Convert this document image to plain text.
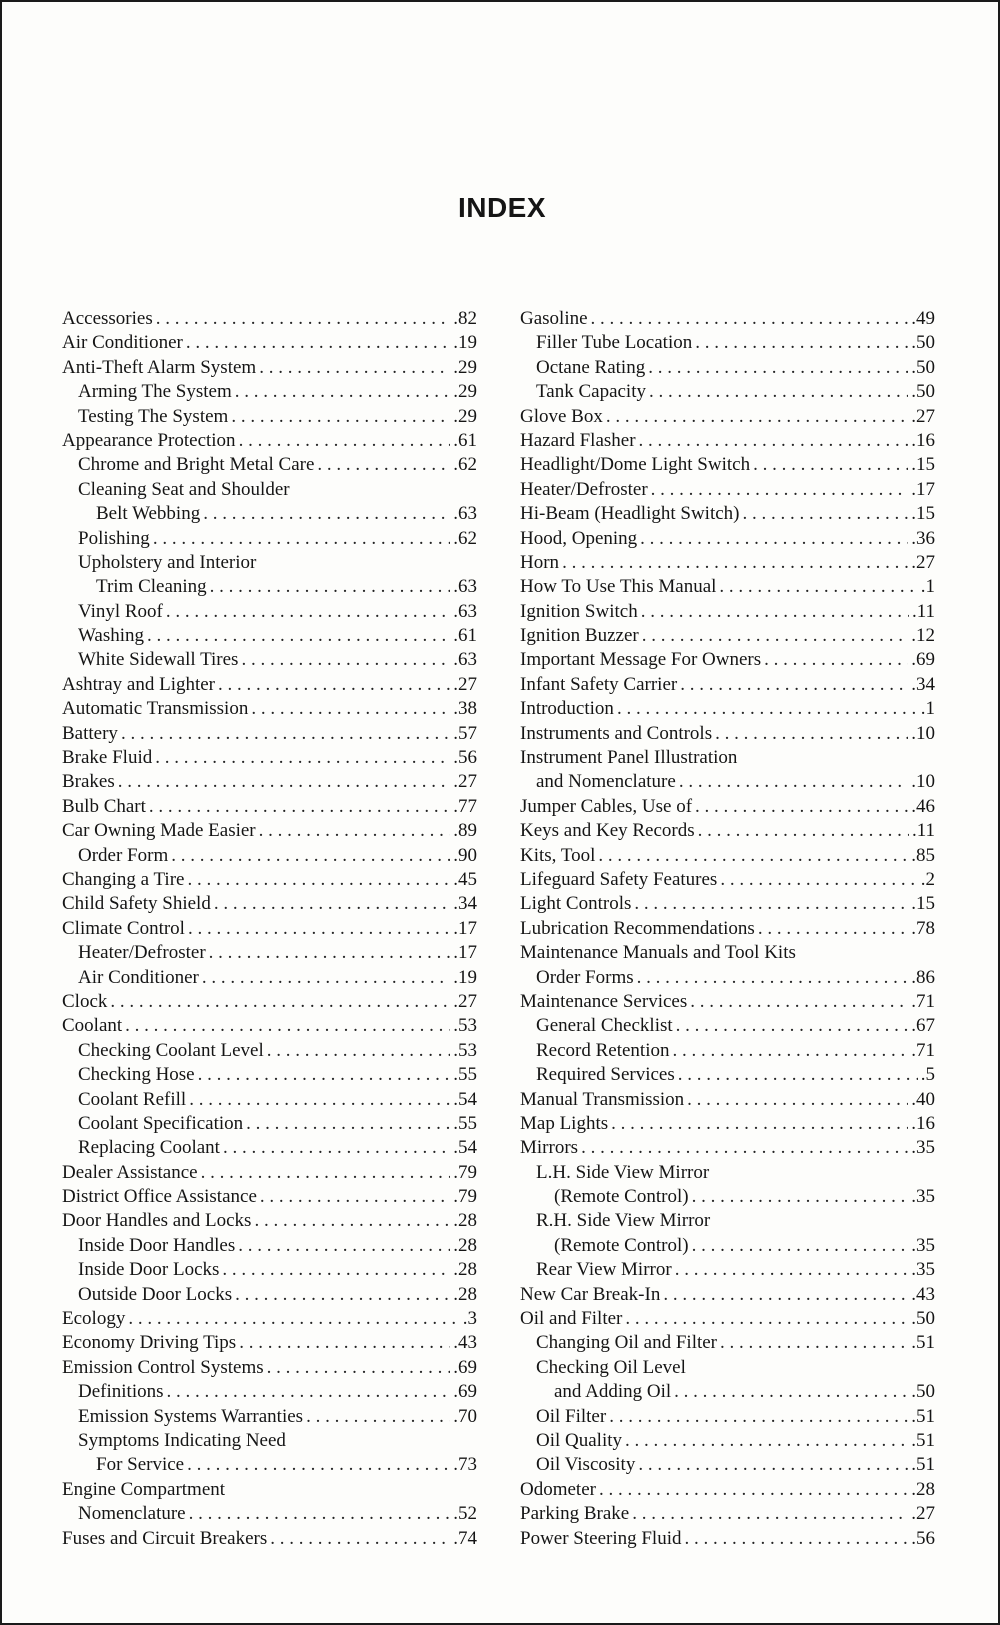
INDEX
Accessories . . .	.82
Air Conditioner . . .	.19
Anti-Theft Alarm System . . .	.29
Arming The System . . .	.29
Testing The System . . .	.29
Appearance Protection . . .	.61
Chrome and Bright Metal Care . . .	.62
Cleaning Seat and Shoulder
Belt Webbing . . .	.63
Polishing . . .	.62
Upholstery and Interior
Trim Cleaning . . .	.63
Vinyl Roof . . .	.63
Washing . . .	.61
White Sidewall Tires . . .	.63
Ashtray and Lighter . . .	.27
Automatic Transmission . . .	.38
Battery . . .	.57
Brake Fluid . . .	.56
Brakes . . .	.27
Bulb Chart . . .	.77
Car Owning Made Easier . . .	.89
Order Form . . .	.90
Changing a Tire . . .	.45
Child Safety Shield . . .	.34
Climate Control . . .	.17
Heater/Defroster . . .	.17
Air Conditioner . . .	.19
Clock . . .	.27
Coolant . . .	.53
Checking Coolant Level . . .	.53
Checking Hose . . .	.55
Coolant Refill . . .	.54
Coolant Specification . . .	.55
Replacing Coolant . . .	.54
Dealer Assistance . . .	.79
District Office Assistance . . .	.79
Door Handles and Locks . . .	.28
Inside Door Handles . . .	.28
Inside Door Locks . . .	.28
Outside Door Locks . . .	.28
Ecology . . .	.3
Economy Driving Tips . . .	.43
Emission Control Systems . . .	.69
Definitions . . .	.69
Emission Systems Warranties . . .	.70
Symptoms Indicating Need
For Service . . .	.73
Engine Compartment
Nomenclature . . .	.52
Fuses and Circuit Breakers . . .	.74
Gasoline . . .	.49
Filler Tube Location . . .	.50
Octane Rating . . .	.50
Tank Capacity . . .	.50
Glove Box . . .	.27
Hazard Flasher . . .	.16
Headlight/Dome Light Switch . . .	.15
Heater/Defroster . . .	.17
Hi-Beam (Headlight Switch) . . .	.15
Hood, Opening . . .	.36
Horn . . .	.27
How To Use This Manual . . .	.1
Ignition Switch . . .	.11
Ignition Buzzer . . .	.12
Important Message For Owners . . .	.69
Infant Safety Carrier . . .	.34
Introduction . . .	.1
Instruments and Controls . . .	.10
Instrument Panel Illustration
and Nomenclature . . .	.10
Jumper Cables, Use of . . .	.46
Keys and Key Records . . .	.11
Kits, Tool . . .	.85
Lifeguard Safety Features . . .	.2
Light Controls . . .	.15
Lubrication Recommendations . . .	.78
Maintenance Manuals and Tool Kits
Order Forms . . .	.86
Maintenance Services . . .	.71
General Checklist . . .	.67
Record Retention . . .	.71
Required Services . . .	.5
Manual Transmission . . .	.40
Map Lights . . .	.16
Mirrors . . .	.35
L.H. Side View Mirror
(Remote Control) . . .	.35
R.H. Side View Mirror
(Remote Control) . . .	.35
Rear View Mirror . . .	.35
New Car Break-In . . .	.43
Oil and Filter . . .	.50
Changing Oil and Filter . . .	.51
Checking Oil Level
and Adding Oil . . .	.50
Oil Filter . . .	.51
Oil Quality . . .	.51
Oil Viscosity . . .	.51
Odometer . . .	.28
Parking Brake . . .	.27
Power Steering Fluid . . .	.56
